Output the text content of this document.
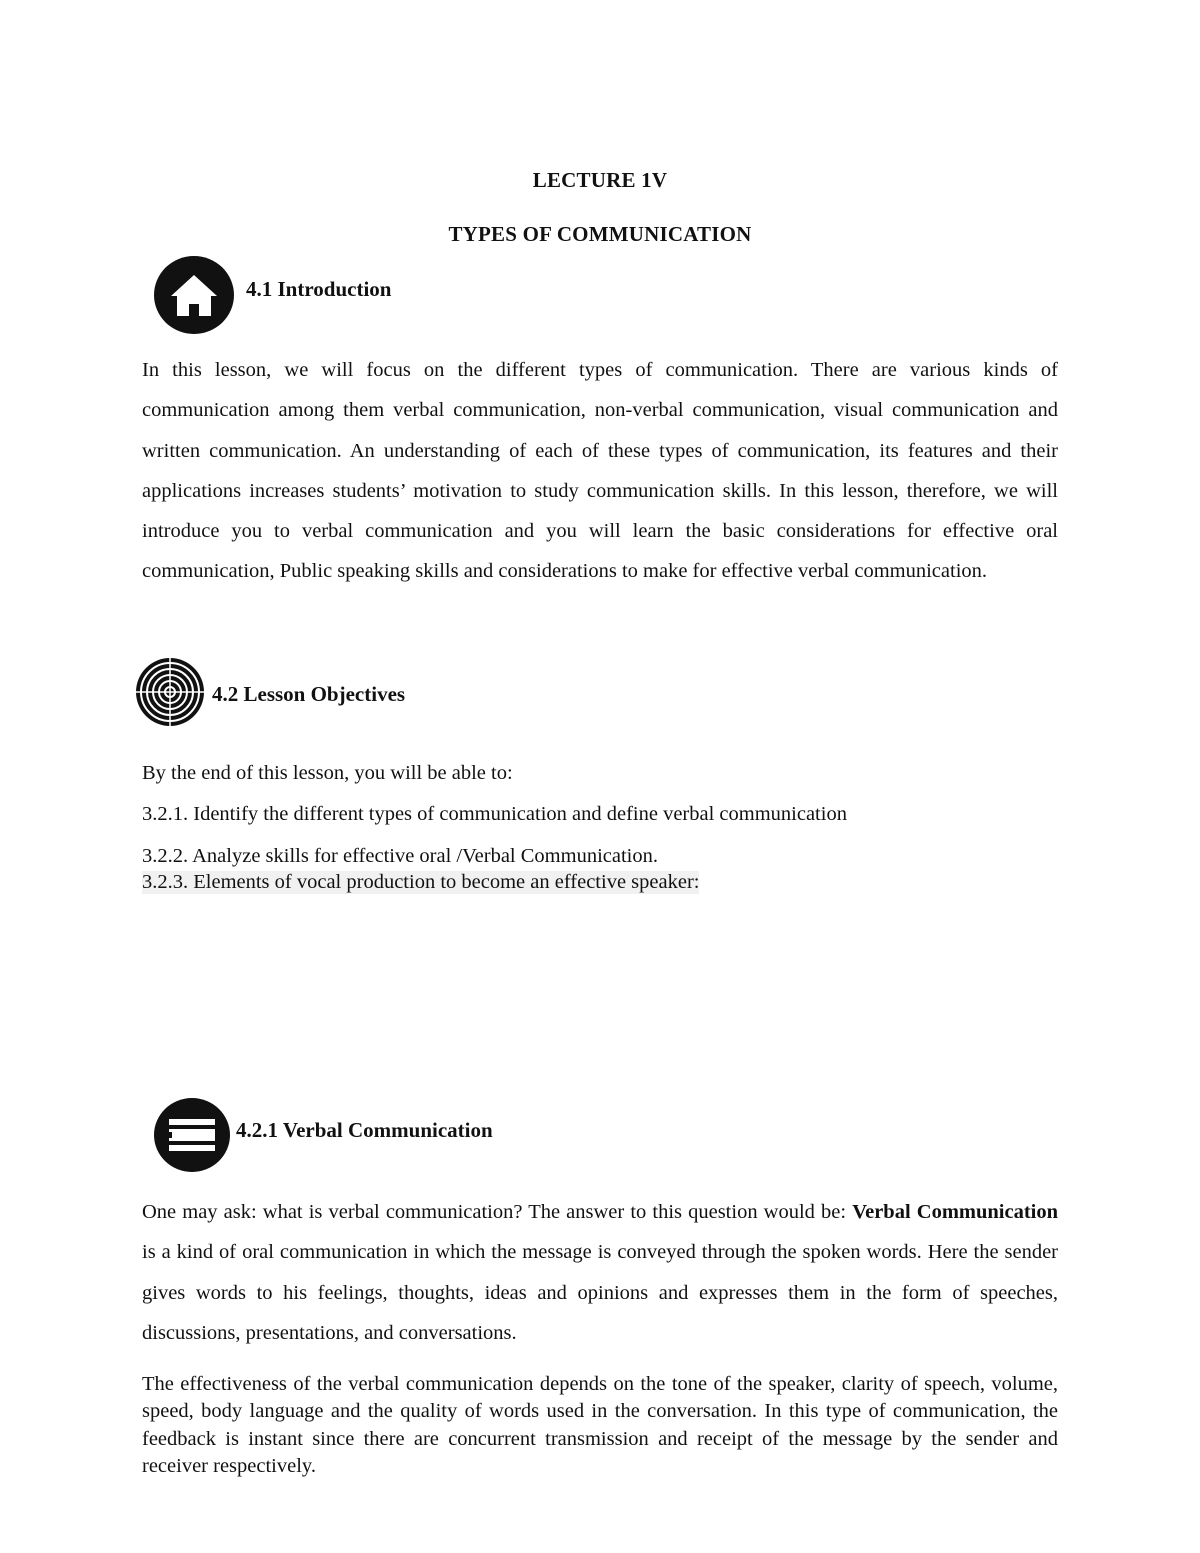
LECTURE 1V
TYPES OF COMMUNICATION
4.1 Introduction
In this lesson, we will focus on the different types of communication. There are various kinds of communication among them verbal communication, non-verbal communication, visual communication and written communication. An understanding of each of these types of communication, its features and their applications increases students’ motivation to study communication skills. In this lesson, therefore, we will introduce you to verbal communication and you will learn the basic considerations for effective oral communication, Public speaking skills and considerations to make for effective verbal communication.
4.2 Lesson Objectives
By the end of this lesson, you will be able to:
3.2.1. Identify the different types of communication and define verbal communication
3.2.2. Analyze skills for effective oral /Verbal Communication.
3.2.3. Elements of vocal production to become an effective speaker:
4.2.1 Verbal Communication
One may ask: what is verbal communication? The answer to this question would be: Verbal Communication is a kind of oral communication in which the message is conveyed through the spoken words. Here the sender gives words to his feelings, thoughts, ideas and opinions and expresses them in the form of speeches, discussions, presentations, and conversations.
The effectiveness of the verbal communication depends on the tone of the speaker, clarity of speech, volume, speed, body language and the quality of words used in the conversation. In this type of communication, the feedback is instant since there are concurrent transmission and receipt of the message by the sender and receiver respectively.
